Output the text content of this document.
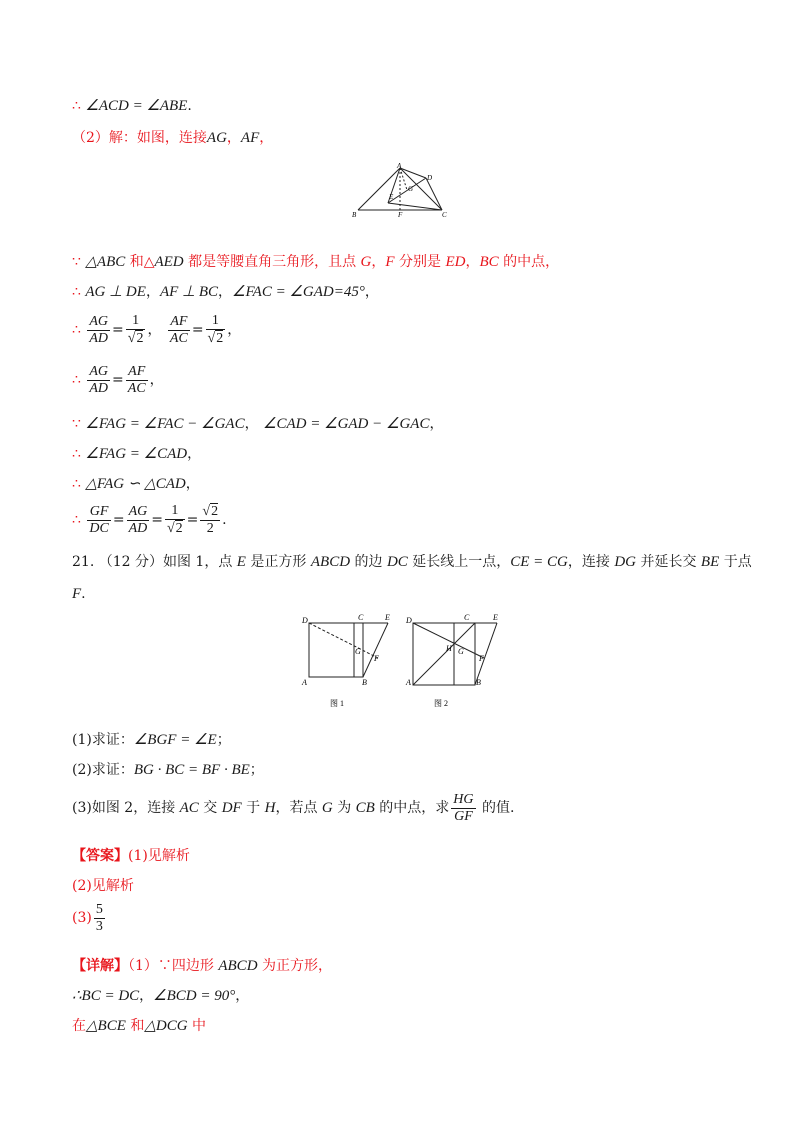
∴ ∠ACD = ∠ABE.
（2）解：如图，连接AG，AF，
A
B	C
D
E
F
G
∵ △ABC 和△AED 都是等腰直角三角形，且点 G，F 分别是 ED，BC 的中点，
∴ AG ⊥ DE，AF ⊥ BC，∠FAC = ∠GAD=45°，
∴ $\frac{AG}{AD} = \frac{1}{√2}$ ， $\frac{AF}{AC} = \frac{1}{√2}$ ，
∴ $\frac{AG}{AD} = \frac{AF}{AC}$ ，
∵ ∠FAG = ∠FAC − ∠GAC， ∠CAD = ∠GAD − ∠GAC，
∴ ∠FAG = ∠CAD，
∴ △FAG ∽ △CAD，
∴ $\frac{GF}{DC} = \frac{AG}{AD} = \frac{1}{√2} = \frac{√2}{2}$ .
21. （12 分）如图 1，点 E 是正方形 ABCD 的边 DC 延长线上一点，CE = CG，连接 DG 并延长交 BE 于点
F.
D	C	E
G
F
A	B
图 1
D	C	E
H G
F
A	B
图 2
(1)求证：∠BGF = ∠E；
(2)求证：BG · BC = BF · BE；
(3)如图 2，连接 AC 交 DF 于 H，若点 G 为 CB 的中点，求 $\frac{HG}{GF}$ 的值.
【答案】(1)见解析
(2)见解析
$(3) \frac{5}{3}$
【详解】（1）∵四边形 ABCD 为正方形，
∴BC = DC，∠BCD = 90°，
在△BCE 和△DCG 中
